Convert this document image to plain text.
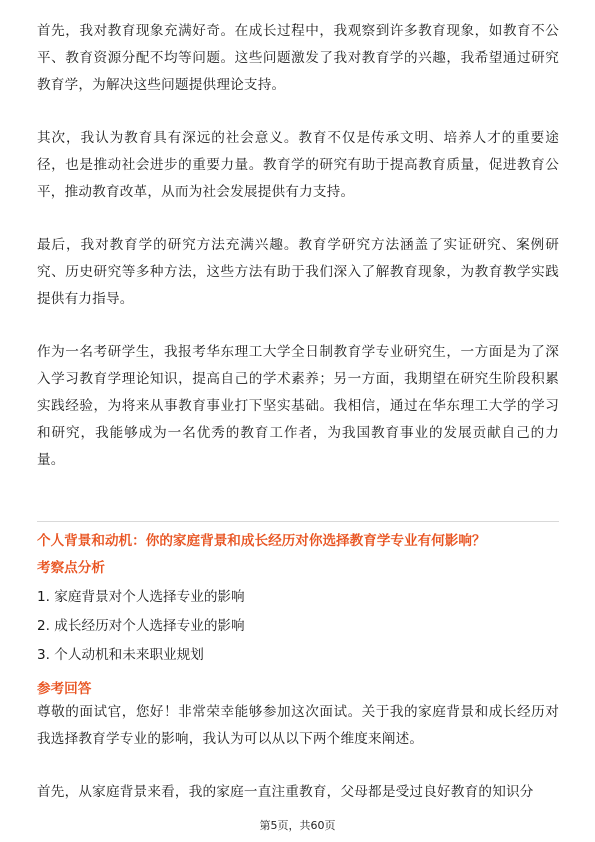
首先，我对教育现象充满好奇。在成长过程中，我观察到许多教育现象，如教育不公平、教育资源分配不均等问题。这些问题激发了我对教育学的兴趣，我希望通过研究教育学，为解决这些问题提供理论支持。

其次，我认为教育具有深远的社会意义。教育不仅是传承文明、培养人才的重要途径，也是推动社会进步的重要力量。教育学的研究有助于提高教育质量，促进教育公平，推动教育改革，从而为社会发展提供有力支持。

最后，我对教育学的研究方法充满兴趣。教育学研究方法涵盖了实证研究、案例研究、历史研究等多种方法，这些方法有助于我们深入了解教育现象，为教育教学实践提供有力指导。

作为一名考研学生，我报考华东理工大学全日制教育学专业研究生，一方面是为了深入学习教育学理论知识，提高自己的学术素养；另一方面，我期望在研究生阶段积累实践经验，为将来从事教育事业打下坚实基础。我相信，通过在华东理工大学的学习和研究，我能够成为一名优秀的教育工作者，为我国教育事业的发展贡献自己的力量。

个人背景和动机：你的家庭背景和成长经历对你选择教育学专业有何影响？
考察点分析
1. 家庭背景对个人选择专业的影响
2. 成长经历对个人选择专业的影响
3. 个人动机和未来职业规划
参考回答

尊敬的面试官，您好！非常荣幸能够参加这次面试。关于我的家庭背景和成长经历对我选择教育学专业的影响，我认为可以从以下两个维度来阐述。

首先，从家庭背景来看，我的家庭一直注重教育，父母都是受过良好教育的知识分

第5页，共60页
